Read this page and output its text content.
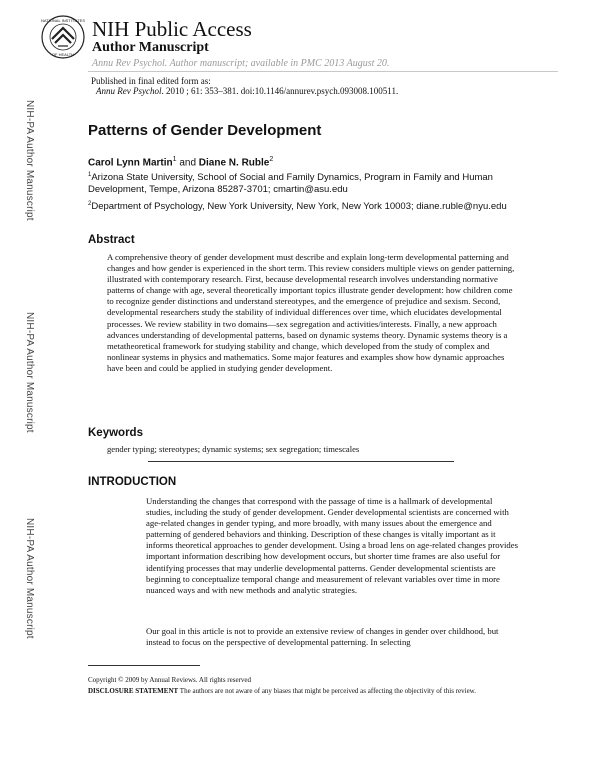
NIH-PA Author Manuscript
NIH-PA Author Manuscript
NIH-PA Author Manuscript
NATIONAL INSTITUTES
OF HEALTH
NIH Public Access
Author Manuscript
Annu Rev Psychol. Author manuscript; available in PMC 2013 August 20.
Published in final edited form as:
Annu Rev Psychol. 2010 ; 61: 353–381. doi:10.1146/annurev.psych.093008.100511.
Patterns of Gender Development
Carol Lynn Martin$^1$ and Diane N. Ruble$^2$
$^1$Arizona State University, School of Social and Family Dynamics, Program in Family and Human Development, Tempe, Arizona 85287-3701; cmartin@asu.edu
$^2$Department of Psychology, New York University, New York, New York 10003; diane.ruble@nyu.edu
Abstract

A comprehensive theory of gender development must describe and explain long-term developmental patterning and changes and how gender is experienced in the short term. This review considers multiple views on gender patterning, illustrated with contemporary research. First, because developmental research involves understanding normative patterns of change with age, several theoretically important topics illustrate gender development: how children come to recognize gender distinctions and understand stereotypes, and the emergence of prejudice and sexism. Second, developmental researchers study the stability of individual differences over time, which elucidates developmental processes. We review stability in two domains—sex segregation and activities/interests. Finally, a new approach advances understanding of developmental patterns, based on dynamic systems theory. Dynamic systems theory is a metatheoretical framework for studying stability and change, which developed from the study of complex and nonlinear systems in physics and mathematics. Some major features and examples show how dynamic approaches have been and could be applied in studying gender development.

Keywords
gender typing; stereotypes; dynamic systems; sex segregation; timescales
INTRODUCTION

Understanding the changes that correspond with the passage of time is a hallmark of developmental studies, including the study of gender development. Gender developmental scientists are concerned with age-related changes in gender typing, and more broadly, with many issues about the emergence and patterning of gendered behaviors and thinking. Description of these changes is vitally important as it informs theoretical approaches to gender development. Using a broad lens on age-related changes provides important information describing how development occurs, but shorter time frames are also useful for identifying processes that may underlie developmental patterns. Gender developmental scientists are beginning to conceptualize temporal change and measurement of relevant variables over time in more nuanced ways and with new methods and analytic strategies.

Our goal in this article is not to provide an extensive review of changes in gender over childhood, but instead to focus on the perspective of developmental patterning. In selecting

Copyright © 2009 by Annual Reviews. All rights reserved

DISCLOSURE STATEMENT The authors are not aware of any biases that might be perceived as affecting the objectivity of this review.
